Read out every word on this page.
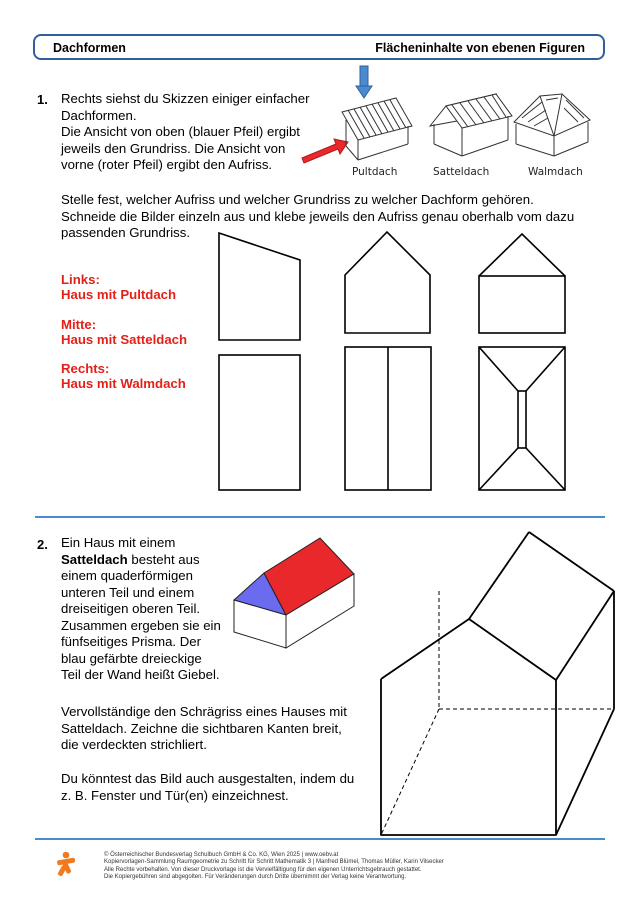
Dachformen	Flächeninhalte von ebenen Figuren
1. Rechts siehst du Skizzen einiger einfacher
Dachformen.
Die Ansicht von oben (blauer Pfeil) ergibt
jeweils den Grundriss. Die Ansicht von
vorne (roter Pfeil) ergibt den Aufriss.	Pultdach	Satteldach	Walmdach
Stelle fest, welcher Aufriss und welcher Grundriss zu welcher Dachform gehören.
Schneide die Bilder einzeln aus und klebe jeweils den Aufriss genau oberhalb vom dazu
passenden Grundriss.
Links:
Haus mit Pultdach
Mitte:
Haus mit Satteldach
Rechts:
Haus mit Walmdach
2. Ein Haus mit einem
Satteldach besteht aus
einem quaderförmigen
unteren Teil und einem
dreiseitigen oberen Teil.
Zusammen ergeben sie ein
fünfseitiges Prisma. Der
blau gefärbte dreieckige
Teil der Wand heißt Giebel.
Vervollständige den Schrägriss eines Hauses mit
Satteldach. Zeichne die sichtbaren Kanten breit,
die verdeckten strichliert.
Du könntest das Bild auch ausgestalten, indem du
z. B. Fenster und Tür(en) einzeichnest.
© Österreichischer Bundesverlag Schulbuch GmbH & Co. KG, Wien 2025 | www.oebv.at
Kopiervorlagen-Sammlung Raumgeometrie zu Schritt für Schritt Mathematik 3 | Manfred Blümel, Thomas Müller, Karin Vilsecker
Alle Rechte vorbehalten. Von dieser Druckvorlage ist die Vervielfältigung für den eigenen Unterrichtsgebrauch gestattet.
Die Kopiergebühren sind abgegolten. Für Veränderungen durch Dritte übernimmt der Verlag keine Verantwortung.
